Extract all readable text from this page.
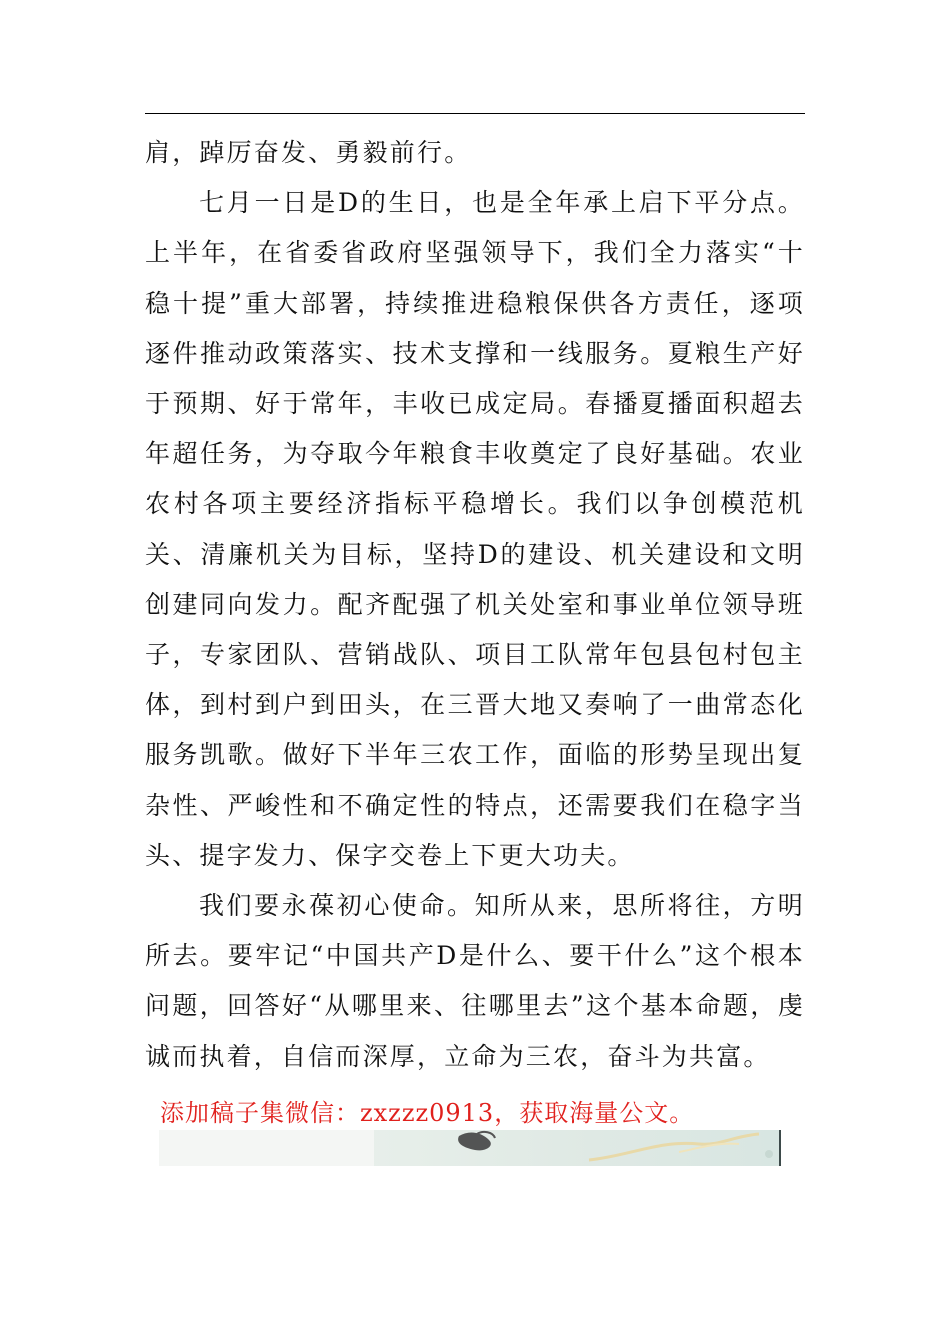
肩，踔厉奋发、勇毅前行。

七月一日是D的生日，也是全年承上启下平分点。上半年，在省委省政府坚强领导下，我们全力落实“十稳十提”重大部署，持续推进稳粮保供各方责任，逐项逐件推动政策落实、技术支撑和一线服务。夏粮生产好于预期、好于常年，丰收已成定局。春播夏播面积超去年超任务，为夺取今年粮食丰收奠定了良好基础。农业农村各项主要经济指标平稳增长。我们以争创模范机关、清廉机关为目标，坚持D的建设、机关建设和文明创建同向发力。配齐配强了机关处室和事业单位领导班子，专家团队、营销战队、项目工队常年包县包村包主体，到村到户到田头，在三晋大地又奏响了一曲常态化服务凯歌。做好下半年三农工作，面临的形势呈现出复杂性、严峻性和不确定性的特点，还需要我们在稳字当头、提字发力、保字交卷上下更大功夫。

我们要永葆初心使命。知所从来，思所将往，方明所去。要牢记“中国共产D是什么、要干什么”这个根本问题，回答好“从哪里来、往哪里去”这个基本命题，虔诚而执着，自信而深厚，立命为三农，奋斗为共富。

添加稿子集微信：zxzzz0913，获取海量公文。
